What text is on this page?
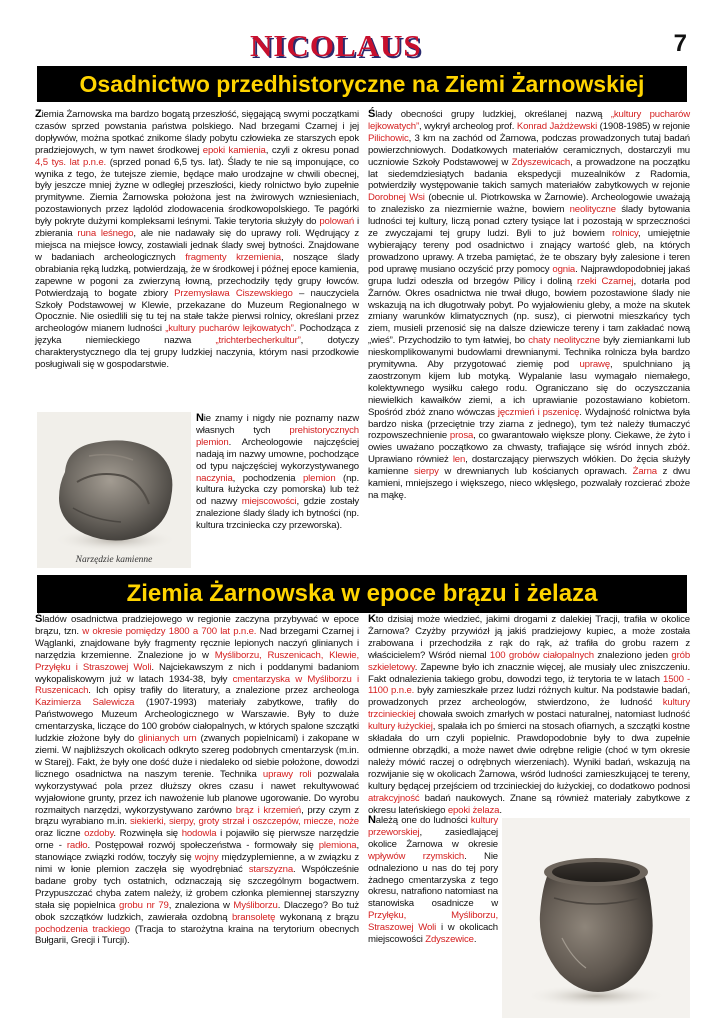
NICOLAUS	7
Osadnictwo przedhistoryczne na Ziemi Żarnowskiej

Ziemia Żarnowska ma bardzo bogatą przeszłość, sięgającą swymi początkami czasów sprzed powstania państwa polskiego. Nad brzegami Czarnej i jej dopływów, można spotkać znikome ślady pobytu człowieka ze starszych epok pradziejowych, w tym nawet środkowej epoki kamienia, czyli z okresu ponad 4,5 tys. lat p.n.e. (sprzed ponad 6,5 tys. lat). Ślady te nie są imponujące, co wynika z tego, że tutejsze ziemie, będące mało urodzajne w chwili obecnej, były jeszcze mniej żyzne w odległej przeszłości, kiedy rolnictwo było zupełnie prymitywne. Ziemia Żarnowska położona jest na żwirowych wzniesieniach, pozostawionych przez lądolód zlodowacenia środkowopolskiego. Te pagórki były pokryte dużymi kompleksami leśnymi. Takie terytoria służyły do polowań i zbierania runa leśnego, ale nie nadawały się do uprawy roli. Wędrujący z miejsca na miejsce łowcy, zostawiali jednak ślady swej bytności. Znajdowane w badaniach archeologicznych fragmenty krzemienia, noszące ślady obrabiania ręką ludzką, potwierdzają, że w środkowej i późnej epoce kamienia, zapewne w pogoni za zwierzyną łowną, przechodziły tędy grupy łowców. Potwierdzają to bogate zbiory Przemysława Ciszewskiego – nauczyciela Szkoły Podstawowej w Klewie, przekazane do Muzeum Regionalnego w Opocznie. Nie osiedlili się tu tej na stałe także pierwsi rolnicy, określani przez archeologów mianem ludności „kultury pucharów lejkowatych”. Pochodząca z języka niemieckiego nazwa „trichterbecherkultur”, dotyczy charakterystycznego dla tej grupy ludzkiej naczynia, którym nasi przodkowie posługiwali się w gospodarstwie.

Narzędzie kamienne

Nie znamy i nigdy nie poznamy nazw własnych tych prehistorycznych plemion. Archeologowie najczęściej nadają im nazwy umowne, pochodzące od typu najczęściej wykorzystywanego naczynia, pochodzenia plemion (np. kultura łużycka czy pomorska) lub też od nazwy miejscowości, gdzie zostały znalezione ślady ślady ich bytności (np. kultura trzciniecka czy przeworska).

Ślady obecności grupy ludzkiej, określanej nazwą „kultury pucharów lejkowatych”, wykrył archeolog prof. Konrad Jażdżewski (1908-1985) w rejonie Pilichowic, 3 km na zachód od Żarnowa, podczas prowadzonych tutaj badań powierzchniowych. Dodatkowych materiałów ceramicznych, dostarczyli mu uczniowie Szkoły Podstawowej w Zdyszewicach, a prowadzone na początku lat siedemdziesiątych badania ekspedycji muzealników z Radomia, potwierdziły występowanie takich samych materiałów zabytkowych w rejonie Dorobnej Wsi (obecnie ul. Piotrkowska w Żarnowie). Archeologowie uważają to znalezisko za niezmiernie ważne, bowiem neolityczne ślady bytowania ludności tej kultury, liczą ponad cztery tysiące lat i pozostają w sprzeczności ze zwyczajami tej grupy ludzi. Byli to już bowiem rolnicy, umiejętnie wybierający tereny pod osadnictwo i znający wartość gleb, na których prowadzono uprawy. A trzeba pamiętać, że te obszary były zalesione i teren pod uprawę musiano oczyścić przy pomocy ognia. Najprawdopodobniej jakaś grupa ludzi odeszła od brzegów Pilicy i doliną rzeki Czarnej, dotarła pod Żarnów. Okres osadnictwa nie trwał długo, bowiem pozostawione ślady nie wskazują na ich długotrwały pobyt. Po wyjałowieniu gleby, a może na skutek zmiany warunków klimatycznych (np. susz), ci pierwotni mieszkańcy tych ziem, musieli przenosić się na dalsze dziewicze tereny i tam zakładać nową „wieś”. Przychodziło to tym łatwiej, bo chaty neolityczne były ziemiankami lub nieskomplikowanymi budowlami drewnianymi. Technika rolnicza była bardzo prymitywna. Aby przygotować ziemię pod uprawę, spulchniano ją zaostrzonym kijem lub motyką. Wypalanie lasu wymagało niemałego, kolektywnego wysiłku całego rodu. Ograniczano się do oczyszczania niewielkich kawałków ziemi, a ich uprawianie pozostawiano kobietom. Spośród zbóż znano wówczas jęczmień i pszenicę. Wydajność rolnictwa była bardzo niska (przeciętnie trzy ziarna z jednego), tym też należy tłumaczyć rozpowszechnienie prosa, co gwarantowało większe plony. Ciekawe, że żyto i owies uważano początkowo za chwasty, trafiające się wśród innych zbóż. Uprawiano również len, dostarczający pierwszych włókien. Do żęcia służyły kamienne sierpy w drewnianych lub kościanych oprawach. Żarna z dwu kamieni, mniejszego i większego, nieco wklęsłego, pozwalały rozcierać zboże na mąkę.

Ziemia Żarnowska w epoce brązu i żelaza

Śladów osadnictwa pradziejowego w regionie zaczyna przybywać w epoce brązu, tzn. w okresie pomiędzy 1800 a 700 lat p.n.e. Nad brzegami Czarnej i Wąglanki, znajdowane były fragmenty ręcznie lepionych naczyń glinianych i narzędzia krzemienne. Znalezione jo w Myśliborzu, Ruszenicach, Klewie, Przyłęku i Straszowej Woli. Najciekawszym z nich i poddanymi badaniom wykopaliskowym już w latach 1934-38, były cmentarzyska w Myśliborzu i Ruszenicach. Ich opisy trafiły do literatury, a znalezione przez archeologa Kazimierza Salewicza (1907-1993) materiały zabytkowe, trafiły do Państwowego Muzeum Archeologicznego w Warszawie. Były to duże cmentarzyska, liczące do 100 grobów ciałopalnych, w których spalone szczątki ludzkie złożone były do glinianych urn (zwanych popielnicami) i zakopane w ziemi. W najbliższych okolicach odkryto szereg podobnych cmentarzysk (m.in. w Starej). Fakt, że były one dość duże i niedaleko od siebie położone, dowodzi licznego osadnictwa na naszym terenie. Technika uprawy roli pozwalała wykorzystywać pola przez dłuższy okres czasu i nawet rekultywować wyjałowione grunty, przez ich nawożenie lub planowe ugorowanie. Do wyrobu rozmaitych narzędzi, wykorzystywano zarówno brąz i krzemień, przy czym z brązu wyrabiano m.in. siekierki, sierpy, groty strzał i oszczepów, miecze, noże oraz liczne ozdoby. Rozwinęła się hodowla i pojawiło się pierwsze narzędzie orne - radło. Postępował rozwój społeczeństwa - formowały się plemiona, stanowiące związki rodów, toczyły się wojny międzyplemienne, a w związku z nimi w łonie plemion zaczęła się wyodrębniać starszyzna. Współcześnie badane groby tych ostatnich, odznaczają się szczególnym bogactwem. Przypuszczać chyba zatem należy, iż grobem członka plemiennej starszyzny stała się popielnica grobu nr 79, znaleziona w Myśliborzu. Dlaczego? Bo tuż obok szczątków ludzkich, zawierała ozdobną bransoletę wykonaną z brązu pochodzenia trackiego (Tracja to starożytna kraina na terytorium obecnych Bułgarii, Grecji i Turcji).

Kto dzisiaj może wiedzieć, jakimi drogami z dalekiej Tracji, trafiła w okolice Żarnowa? Czyżby przywiózł ją jakiś pradziejowy kupiec, a może została zrabowana i przechodziła z rąk do rąk, aż trafiła do grobu razem z właścicielem? Wśród niemal 100 grobów ciałopalnych znaleziono jeden grób szkieletowy. Zapewne było ich znacznie więcej, ale musiały ulec zniszczeniu. Fakt odnalezienia takiego grobu, dowodzi tego, iż terytoria te w latach 1500 - 1100 p.n.e. były zamieszkałe przez ludzi różnych kultur. Na podstawie badań, prowadzonych przez archeologów, stwierdzono, że ludność kultury trzcinieckiej chowała swoich zmarłych w postaci naturalnej, natomiast ludność kultury łużyckiej, spalała ich po śmierci na stosach ofiarnych, a szczątki kostne składała do urn czyli popielnic. Prawdopodobnie były to dwa zupełnie odmienne obrządki, a może nawet dwie odrębne religie (choć w tym okresie należy mówić raczej o odrębnych wierzeniach). Wyniki badań, wskazują na rozwijanie się w okolicach Żarnowa, wśród ludności zamieszkującej te tereny, kultury będącej przejściem od trzcinieckiej do łużyckiej, co dodatkowo podnosi atrakcyjność badań naukowych. Znane są również materiały zabytkowe z okresu lateńskiego epoki żelaza.

Należą one do ludności kultury przeworskiej, zasiedlającej okolice Żarnowa w okresie wpływów rzymskich. Nie odnaleziono u nas do tej pory żadnego cmentarzyska z tego okresu, natrafiono natomiast na stanowiska osadnicze w Przyłęku, Myśliborzu, Straszowej Woli i w okolicach miejscowości Zdyszewice.
